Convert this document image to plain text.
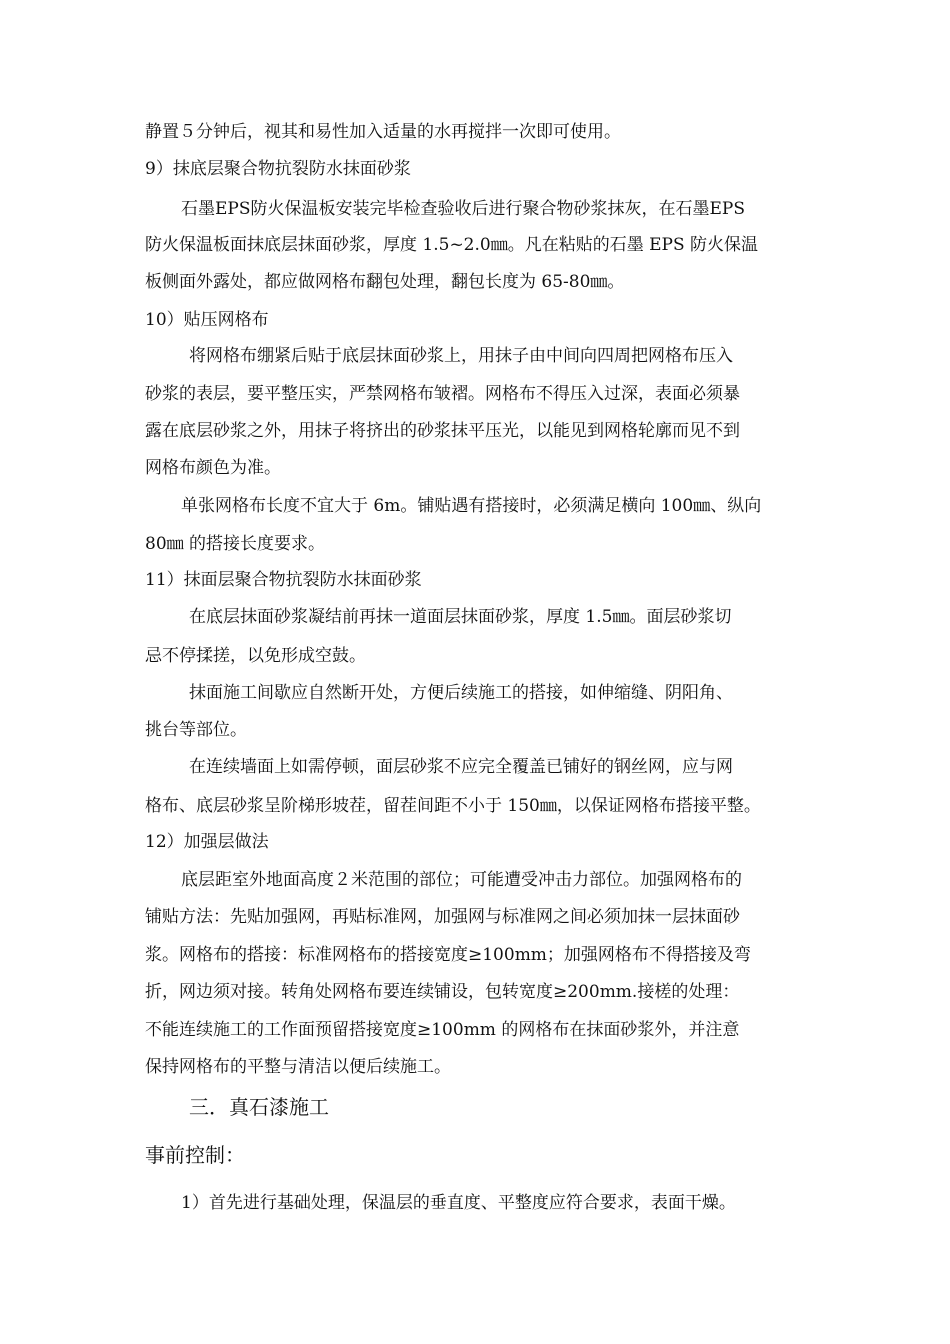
静置５分钟后，视其和易性加入适量的水再搅拌一次即可使用。
9）抹底层聚合物抗裂防水抹面砂浆
石墨EPS防火保温板安装完毕检查验收后进行聚合物砂浆抹灰，在石墨EPS
防火保温板面抹底层抹面砂浆，厚度 1.5~2.0㎜。凡在粘贴的石墨 EPS 防火保温
板侧面外露处，都应做网格布翻包处理，翻包长度为 65-80㎜。
10）贴压网格布
将网格布绷紧后贴于底层抹面砂浆上，用抹子由中间向四周把网格布压入
砂浆的表层，要平整压实，严禁网格布皱褶。网格布不得压入过深，表面必须暴
露在底层砂浆之外，用抹子将挤出的砂浆抹平压光，以能见到网格轮廓而见不到
网格布颜色为准。
单张网格布长度不宜大于 6m。铺贴遇有搭接时，必须满足横向 100㎜、纵向
80㎜ 的搭接长度要求。
11）抹面层聚合物抗裂防水抹面砂浆
在底层抹面砂浆凝结前再抹一道面层抹面砂浆，厚度 1.5㎜。面层砂浆切
忌不停揉搓，以免形成空鼓。
抹面施工间歇应自然断开处，方便后续施工的搭接，如伸缩缝、阴阳角、
挑台等部位。
在连续墙面上如需停顿，面层砂浆不应完全覆盖已铺好的钢丝网，应与网
格布、底层砂浆呈阶梯形坡茬，留茬间距不小于 150㎜，以保证网格布搭接平整。
12）加强层做法
底层距室外地面高度２米范围的部位；可能遭受冲击力部位。加强网格布的
铺贴方法：先贴加强网，再贴标准网，加强网与标准网之间必须加抹一层抹面砂
浆。网格布的搭接：标准网格布的搭接宽度≥100mm；加强网格布不得搭接及弯
折，网边须对接。转角处网格布要连续铺设，包转宽度≥200mm.接槎的处理：
不能连续施工的工作面预留搭接宽度≥100mm 的网格布在抹面砂浆外，并注意
保持网格布的平整与清洁以便后续施工。
三．真石漆施工
事前控制：
1）首先进行基础处理，保温层的垂直度、平整度应符合要求，表面干燥。
